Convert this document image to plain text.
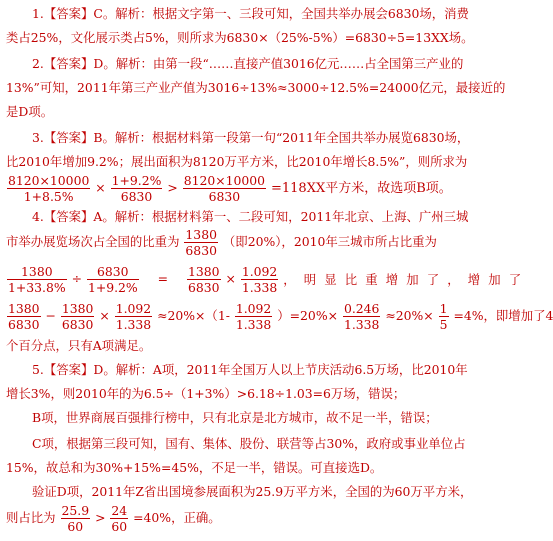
1.【答案】C。解析：根据文字第一、三段可知，全国共举办展会6830场，消费
类占25%，文化展示类占5%，则所求为6830×（25%-5%）=6830÷5=13XX场。
2.【答案】D。解析：由第一段“……直接产值3016亿元……占全国第三产业的
13%”可知，2011年第三产业产值为3016÷13%≈3000÷12.5%=24000亿元，最接近的
是D项。
3.【答案】B。解析：根据材料第一段第一句“2011年全国共举办展览6830场，
比2010年增加9.2%；展出面积为8120万平方米，比2010年增长8.5%”，则所求为
$\frac{8120\times 10000}{1+8.5\%} \times \frac{1+9.2\%}{6830} > \frac{8120\times 10000}{6830} =118XX$平方米，故选项B项。
4.【答案】A。解析：根据材料第一、二段可知，2011年北京、上海、广州三城
市举办展览场次占全国的比重为 $\frac{1380}{6830}$ （即20%），2010年三城市所占比重为
$\frac{1380}{1+33.8\%} \div \frac{6830}{1+9.2\%} = \frac{1380}{6830} \times \frac{1.092}{1.338}$
， 明 显 比 重 增 加 了 ， 增 加 了
$\frac{1380}{6830} - \frac{1380}{6830} \times \frac{1.092}{1.338} \approx 20\%\times(1- \frac{1.092}{1.338} )=20\%\times \frac{0.246}{1.338} \approx 20\%\times \frac{1}{5} =4\%$，即增加了4
个百分点，只有A项满足。
5.【答案】D。解析：A项，2011年全国万人以上节庆活动6.5万场，比2010年
增长3%，则2010年的为6.5÷（1+3%）>6.18÷1.03=6万场，错误；
B项，世界商展百强排行榜中，只有北京是北方城市，故不足一半，错误；
C项，根据第三段可知，国有、集体、股份、联营等占30%，政府或事业单位占
15%，故总和为30%+15%=45%，不足一半，错误。可直接选D。
验证D项，2011年Z省出国境参展面积为25.9万平方米，全国的为60万平方米，
则占比为 $\frac{25.9}{60} > \frac{24}{60} =40\%$，正确。
